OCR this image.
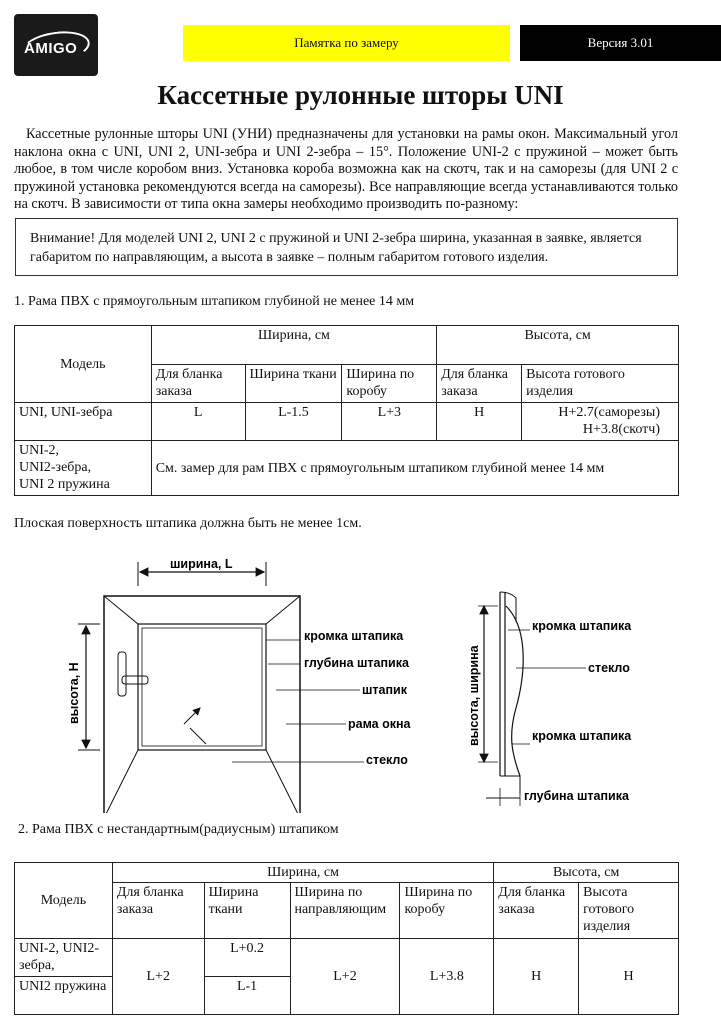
AMIGO	Памятка по замеру	Версия 3.01
Кассетные рулонные шторы UNI
Кассетные рулонные шторы UNI (УНИ) предназначены для установки на рамы окон. Максимальный угол наклона окна с UNI, UNI 2, UNI-зебра и UNI 2-зебра – 15°. Положение UNI-2 с пружиной – может быть любое, в том числе коробом вниз. Установка короба возможна как на скотч, так и на саморезы (для UNI 2 с пружиной установка рекомендуются всегда на саморезы). Все направляющие всегда устанавливаются только на скотч. В зависимости от типа окна замеры необходимо производить по-разному:
Внимание! Для моделей UNI 2, UNI 2 с пружиной и UNI 2-зебра ширина, указанная в заявке, является габаритом по направляющим, а высота в заявке – полным габаритом готового изделия.
1. Рама ПВХ с прямоугольным штапиком глубиной не менее 14 мм
Модель	Ширина, см			Высота, см	
	Для бланка заказа	Ширина ткани	Ширина по коробу	Для бланка заказа	Высота готового изделия
UNI, UNI-зебра	L	L-1.5	L+3	H	H+2.7(саморезы)
H+3.8(скотч)

UNI-2,
UNI2-зебра,
UNI 2 пружина	См. замер для рам ПВХ с прямоугольным штапиком глубиной менее 14 мм				
Плоская поверхность штапика должна быть не менее 1см.
ширина, L
высота, H
кромка штапика
глубина штапика
штапик
рама окна
стекло
высота, ширина
кромка штапика
стекло
кромка штапика
глубина штапика
2. Рама ПВХ с нестандартным(радиусным) штапиком
Модель	Ширина, см				Высота, см	
	Для бланка заказа	Ширина ткани	Ширина по направляющим	Ширина по коробу	Для бланка заказа	Высота готового изделия
UNI-2, UNI2-зебра,	L+2	L+0.2	L+2	L+3.8	H	H
UNI2 пружина		L-1				
